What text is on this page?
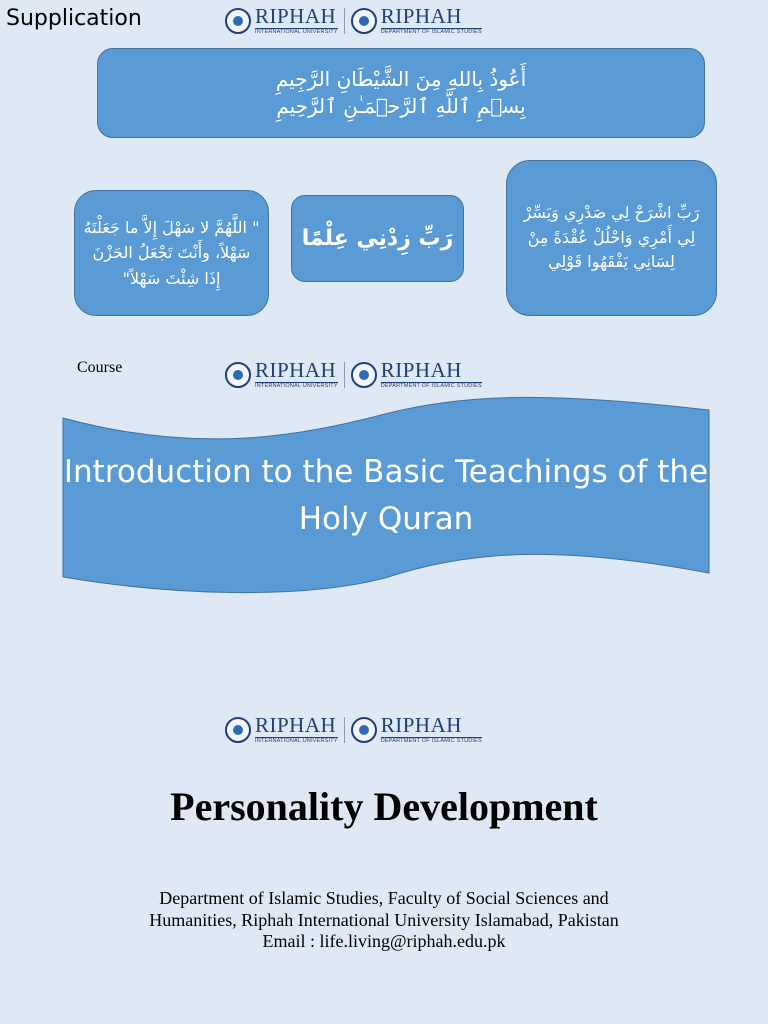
Supplication	RIPHAH
INTERNATIONAL UNIVERSITY
RIPHAH
DEPARTMENT OF ISLAMIC STUDIES
أَعُوذُ بِاللهِ مِنَ الشَّيْطَانِ الرَّجِيمِ
بِسۡمِ ٱللَّهِ ٱلرَّحۡمَـٰنِ ٱلرَّحِيمِ
" اللَّهُمَّ لا سَهْلَ إِلاَّ ما جَعَلْتَهُ سَهْلاً، وأَنْتَ تَجْعَلُ الحَزْنَ إِذَا شِئْتَ سَهْلاً"
رَبِّ زِدْنِي عِلْمًا
رَبِّ اشْرَحْ لِي صَدْرِي وَيَسِّرْ لِي أَمْرِي وَاحْلُلْ عُقْدَةً مِنْ لِسَانِي يَفْقَهُوا قَوْلِي
Course	RIPHAH
INTERNATIONAL UNIVERSITY
RIPHAH
DEPARTMENT OF ISLAMIC STUDIES
Introduction to the Basic Teachings of the Holy Quran
RIPHAH
INTERNATIONAL UNIVERSITY
RIPHAH
DEPARTMENT OF ISLAMIC STUDIES
Personality Development
Department of Islamic Studies, Faculty of Social Sciences and
Humanities, Riphah International University Islamabad, Pakistan
Email : life.living@riphah.edu.pk
